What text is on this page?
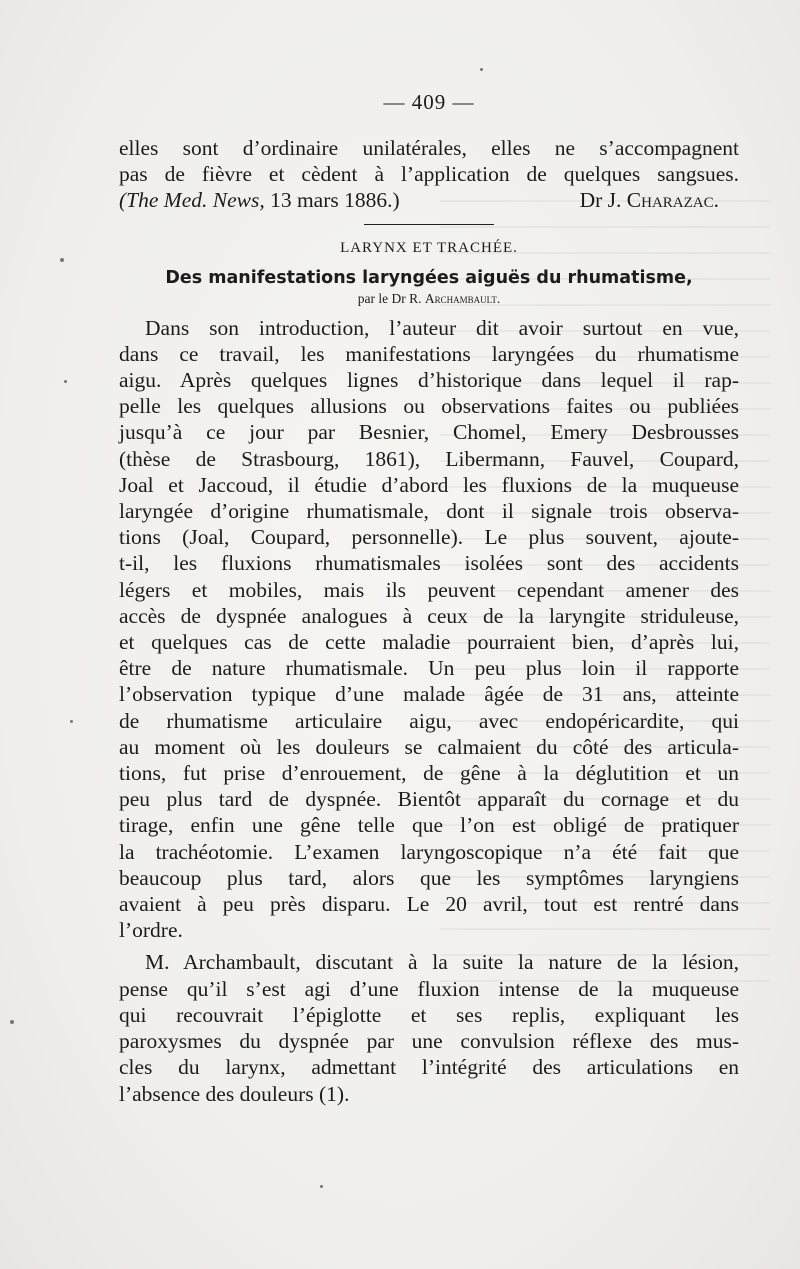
— 409 —
elles sont d’ordinaire unilatérales, elles ne s’accompagnent
pas de fièvre et cèdent à l’application de quelques sangsues.
(The Med. News, 13 mars 1886.)	Dr J. Charazac.
LARYNX ET TRACHÉE.
Des manifestations laryngées aiguës du rhumatisme,
par le Dr R. Archambault.
Dans son introduction, l’auteur dit avoir surtout en vue,
dans ce travail, les manifestations laryngées du rhumatisme
aigu. Après quelques lignes d’historique dans lequel il rap-
pelle les quelques allusions ou observations faites ou publiées
jusqu’à ce jour par Besnier, Chomel, Emery Desbrousses
(thèse de Strasbourg, 1861), Libermann, Fauvel, Coupard,
Joal et Jaccoud, il étudie d’abord les fluxions de la muqueuse
laryngée d’origine rhumatismale, dont il signale trois observa-
tions (Joal, Coupard, personnelle). Le plus souvent, ajoute-
t-il, les fluxions rhumatismales isolées sont des accidents
légers et mobiles, mais ils peuvent cependant amener des
accès de dyspnée analogues à ceux de la laryngite striduleuse,
et quelques cas de cette maladie pourraient bien, d’après lui,
être de nature rhumatismale. Un peu plus loin il rapporte
l’observation typique d’une malade âgée de 31 ans, atteinte
de rhumatisme articulaire aigu, avec endopéricardite, qui
au moment où les douleurs se calmaient du côté des articula-
tions, fut prise d’enrouement, de gêne à la déglutition et un
peu plus tard de dyspnée. Bientôt apparaît du cornage et du
tirage, enfin une gêne telle que l’on est obligé de pratiquer
la trachéotomie. L’examen laryngoscopique n’a été fait que
beaucoup plus tard, alors que les symptômes laryngiens
avaient à peu près disparu. Le 20 avril, tout est rentré dans
l’ordre.
M. Archambault, discutant à la suite la nature de la lésion,
pense qu’il s’est agi d’une fluxion intense de la muqueuse
qui recouvrait l’épiglotte et ses replis, expliquant les
paroxysmes du dyspnée par une convulsion réflexe des mus-
cles du larynx, admettant l’intégrité des articulations en
l’absence des douleurs (1).
